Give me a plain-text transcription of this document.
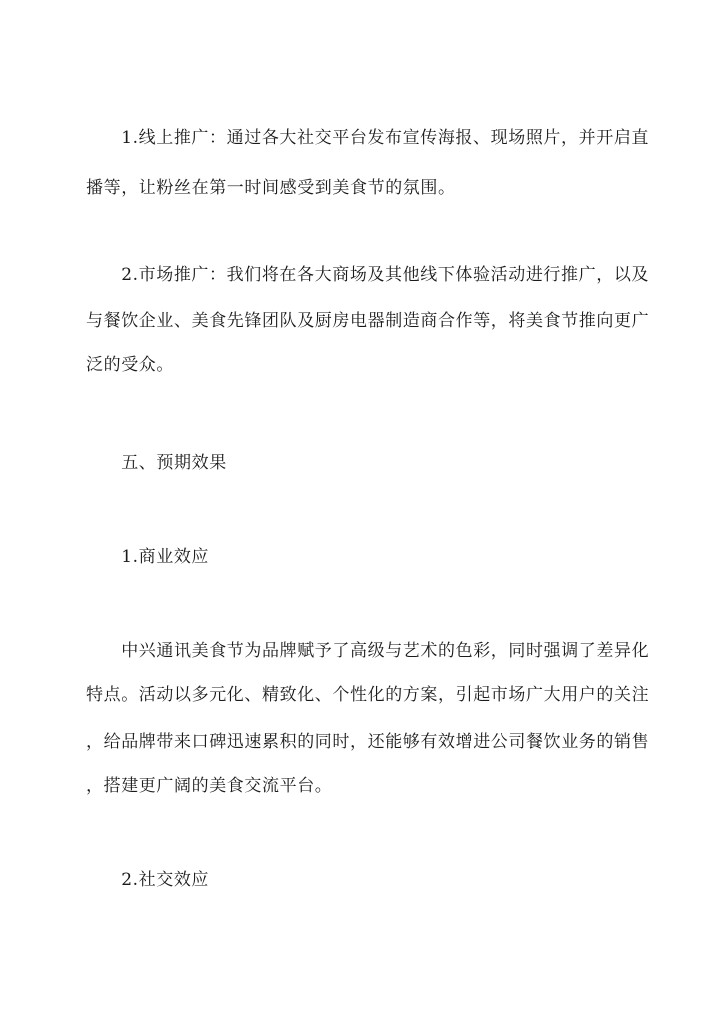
　　1.线上推广：通过各大社交平台发布宣传海报、现场照片，并开启直
播等，让粉丝在第一时间感受到美食节的氛围。
　　2.市场推广：我们将在各大商场及其他线下体验活动进行推广，以及
与餐饮企业、美食先锋团队及厨房电器制造商合作等，将美食节推向更广
泛的受众。
　　五、预期效果
　　1.商业效应
　　中兴通讯美食节为品牌赋予了高级与艺术的色彩，同时强调了差异化
特点。活动以多元化、精致化、个性化的方案，引起市场广大用户的关注
，给品牌带来口碑迅速累积的同时，还能够有效增进公司餐饮业务的销售
，搭建更广阔的美食交流平台。
　　2.社交效应
